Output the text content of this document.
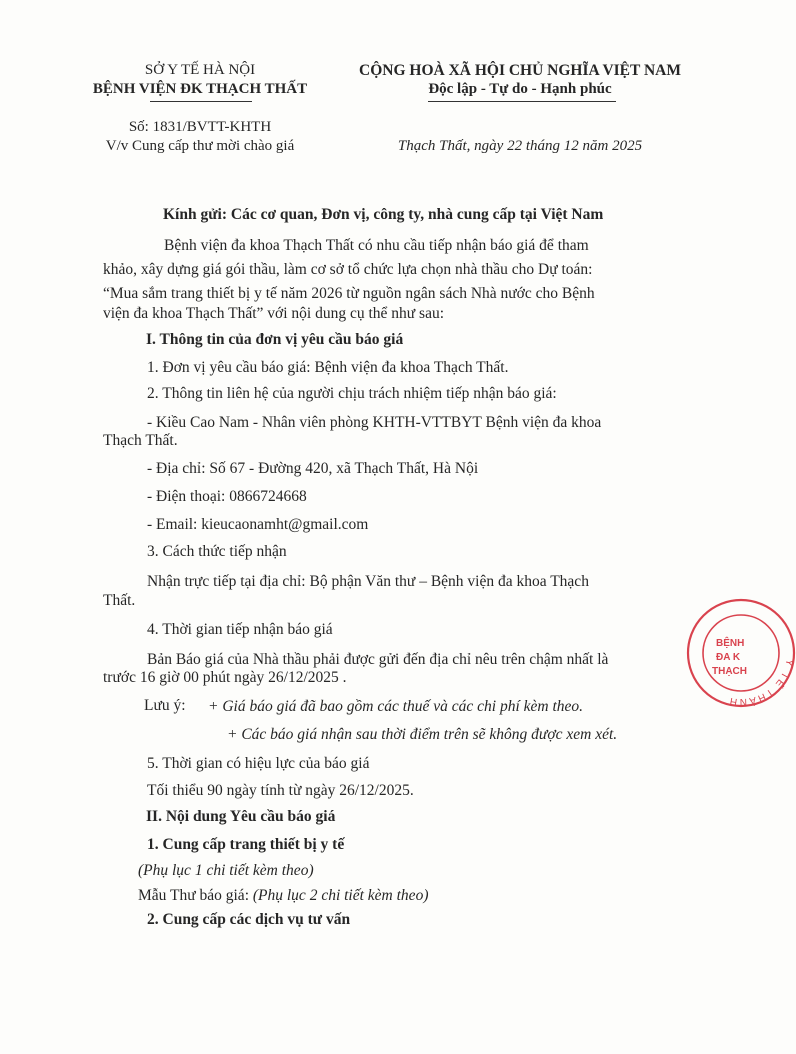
SỞ Y TẾ HÀ NỘI
BỆNH VIỆN ĐK THẠCH THẤT
Số: 1831/BVTT-KHTH
V/v Cung cấp thư mời chào giá
CỘNG HOÀ XÃ HỘI CHỦ NGHĨA VIỆT NAM
Độc lập - Tự do - Hạnh phúc
Thạch Thất, ngày 22 tháng 12 năm 2025
Kính gửi: Các cơ quan, Đơn vị, công ty, nhà cung cấp tại Việt Nam
Bệnh viện đa khoa Thạch Thất có nhu cầu tiếp nhận báo giá để tham
khảo, xây dựng giá gói thầu, làm cơ sở tổ chức lựa chọn nhà thầu cho Dự toán:
“Mua sắm trang thiết bị y tế năm 2026 từ nguồn ngân sách Nhà nước cho Bệnh
viện đa khoa Thạch Thất” với nội dung cụ thể như sau:
I. Thông tin của đơn vị yêu cầu báo giá
1. Đơn vị yêu cầu báo giá: Bệnh viện đa khoa Thạch Thất.
2. Thông tin liên hệ của người chịu trách nhiệm tiếp nhận báo giá:
- Kiều Cao Nam - Nhân viên phòng KHTH-VTTBYT Bệnh viện đa khoa
Thạch Thất.
- Địa chỉ: Số 67 - Đường 420, xã Thạch Thất, Hà Nội
- Điện thoại: 0866724668
- Email: kieucaonamht@gmail.com
3. Cách thức tiếp nhận
Nhận trực tiếp tại địa chỉ: Bộ phận Văn thư – Bệnh viện đa khoa Thạch
Thất.
4. Thời gian tiếp nhận báo giá
Bản Báo giá của Nhà thầu phải được gửi đến địa chỉ nêu trên chậm nhất là
trước 16 giờ 00 phút ngày 26/12/2025 .
Lưu ý: + Giá báo giá đã bao gồm các thuế và các chi phí kèm theo.
+ Các báo giá nhận sau thời điểm trên sẽ không được xem xét.
5. Thời gian có hiệu lực của báo giá
Tối thiểu 90 ngày tính từ ngày 26/12/2025.
II. Nội dung Yêu cầu báo giá
1. Cung cấp trang thiết bị y tế
(Phụ lục 1 chi tiết kèm theo)
Mẫu Thư báo giá: (Phụ lục 2 chi tiết kèm theo)
2. Cung cấp các dịch vụ tư vấn
Y TẾ THÀNH
BỆNH
ĐA K
THẠCH
